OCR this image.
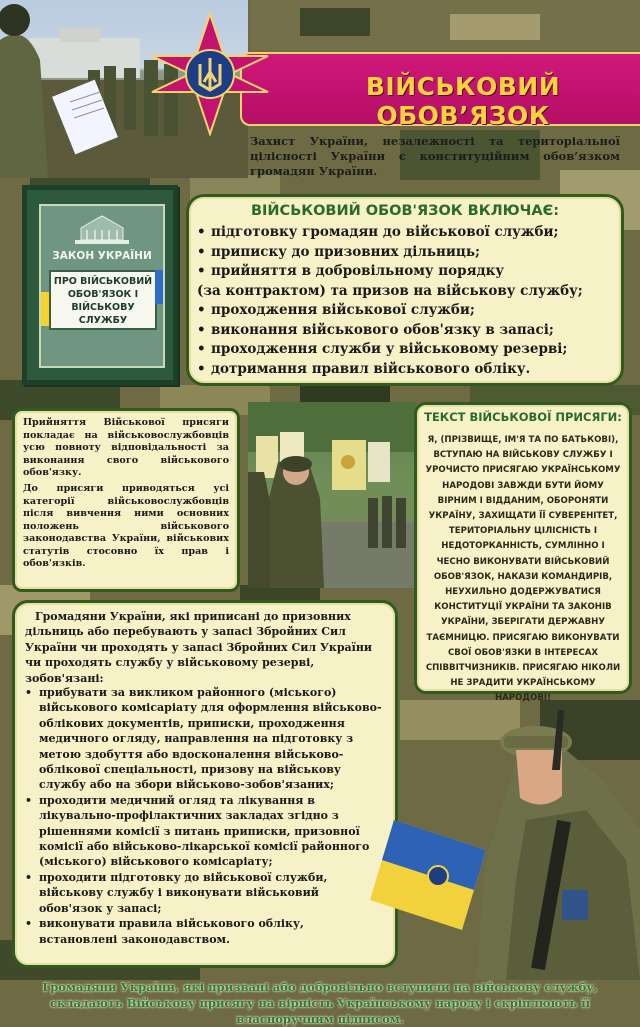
ВІЙСЬКОВИЙ ОБОВ’ЯЗОК
Захист України, незалежності та територіальної цілісності України є конституційним обов’язком громадян України.
ЗАКОН УКРАЇНИ
ПРО ВІЙСЬКОВИЙ ОБОВ'ЯЗОК І ВІЙСЬКОВУ СЛУЖБУ
ВІЙСЬКОВИЙ ОБОВ'ЯЗОК ВКЛЮЧАЄ:
• підготовку громадян до військової служби;
• приписку до призовних дільниць;
• прийняття в добровільному порядку
(за контрактом) та призов на військову службу;
• проходження військової служби;
• виконання військового обов'язку в запасі;
• проходження служби у військовому резерві;
• дотримання правил військового обліку.
Прийняття Військової присяги покладає на військовослужбовців усю повноту відповідальності за виконання свого військового обов'язку.
До присяги приводяться усі категорії військовослужбовців після вивчення ними основних положень військового законодавства України, військових статутів стосовно їх прав і обов'язків.
ТЕКСТ ВІЙСЬКОВОЇ ПРИСЯГИ:
Я, (ПРІЗВИЩЕ, ІМ'Я ТА ПО БАТЬКОВІ), ВСТУПАЮ НА ВІЙСЬКОВУ СЛУЖБУ І УРОЧИСТО ПРИСЯГАЮ УКРАЇНСЬКОМУ НАРОДОВІ ЗАВЖДИ БУТИ ЙОМУ ВІРНИМ І ВІДДАНИМ, ОБОРОНЯТИ УКРАЇНУ, ЗАХИЩАТИ ЇЇ СУВЕРЕНІТЕТ, ТЕРИТОРІАЛЬНУ ЦІЛІСНІСТЬ І НЕДОТОРКАННІСТЬ, СУМЛІННО І ЧЕСНО ВИКОНУВАТИ ВІЙСЬКОВИЙ ОБОВ'ЯЗОК, НАКАЗИ КОМАНДИРІВ, НЕУХИЛЬНО ДОДЕРЖУВАТИСЯ КОНСТИТУЦІЇ УКРАЇНИ ТА ЗАКОНІВ УКРАЇНИ, ЗБЕРІГАТИ ДЕРЖАВНУ ТАЄМНИЦЮ. ПРИСЯГАЮ ВИКОНУВАТИ СВОЇ ОБОВ'ЯЗКИ В ІНТЕРЕСАХ СПІВВІТЧИЗНИКІВ. ПРИСЯГАЮ НІКОЛИ НЕ ЗРАДИТИ УКРАЇНСЬКОМУ НАРОДОВІ!
Громадяни України, які приписані до призовних дільниць або перебувають у запасі Збройних Сил України чи проходять у запасі Збройних Сил України чи проходять службу у військовому резерві, зобов'язані:
• прибувати за викликом районного (міського) військового комісаріату для оформлення військово-облікових документів, приписки, проходження медичного огляду, направлення на підготовку з метою здобуття або вдосконалення військово-облікової спеціальності, призову на військову службу або на збори військово-зобов'язаних;
• проходити медичний огляд та лікування в лікувально-профілактичних закладах згідно з рішеннями комісії з питань приписки, призовної комісії або військово-лікарської комісії районного (міського) військового комісаріату;
• проходити підготовку до військової служби, військову службу і виконувати військовий обов'язок у запасі;
• виконувати правила військового обліку, встановлені законодавством.
Громадяни України, які призвані або добровільно вступили на військову службу, складають Військову присягу на вірність Українському народу і скріплюють її власноручним підписом.
